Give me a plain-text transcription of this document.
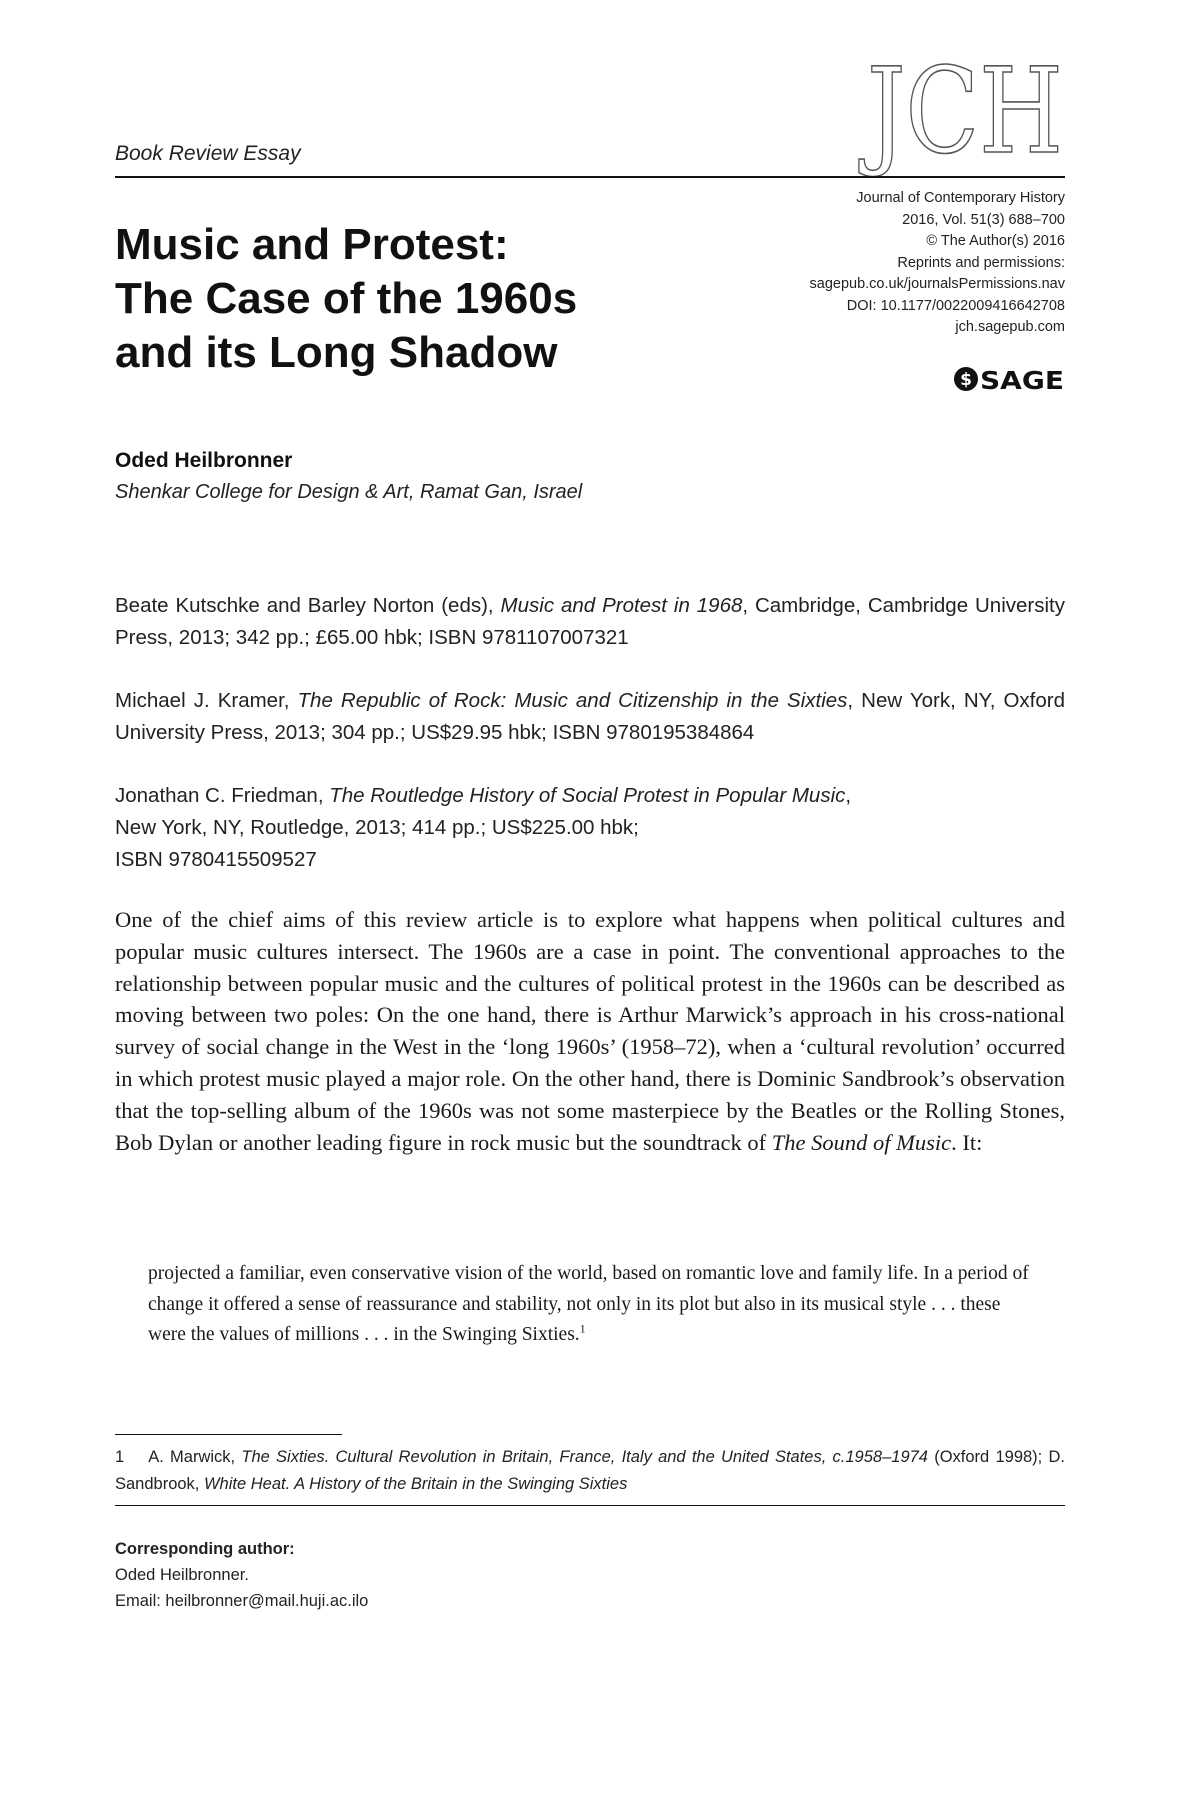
JCH
Book Review Essay
Journal of Contemporary History
2016, Vol. 51(3) 688–700
© The Author(s) 2016
Reprints and permissions:
sagepub.co.uk/journalsPermissions.nav
DOI: 10.1177/0022009416642708
jch.sagepub.com
$ SAGE
Music and Protest:
The Case of the 1960s
and its Long Shadow
Oded Heilbronner
Shenkar College for Design & Art, Ramat Gan, Israel
Beate Kutschke and Barley Norton (eds), Music and Protest in 1968, Cambridge, Cambridge University Press, 2013; 342 pp.; £65.00 hbk; ISBN 9781107007321
Michael J. Kramer, The Republic of Rock: Music and Citizenship in the Sixties, New York, NY, Oxford University Press, 2013; 304 pp.; US$29.95 hbk; ISBN 9780195384864
Jonathan C. Friedman, The Routledge History of Social Protest in Popular Music,
New York, NY, Routledge, 2013; 414 pp.; US$225.00 hbk;
ISBN 9780415509527
One of the chief aims of this review article is to explore what happens when political cultures and popular music cultures intersect. The 1960s are a case in point. The conventional approaches to the relationship between popular music and the cultures of political protest in the 1960s can be described as moving between two poles: On the one hand, there is Arthur Marwick’s approach in his cross-national survey of social change in the West in the ‘long 1960s’ (1958–72), when a ‘cultural revolution’ occurred in which protest music played a major role. On the other hand, there is Dominic Sandbrook’s observation that the top-selling album of the 1960s was not some masterpiece by the Beatles or the Rolling Stones, Bob Dylan or another leading figure in rock music but the soundtrack of The Sound of Music. It:
projected a familiar, even conservative vision of the world, based on romantic love and family life. In a period of change it offered a sense of reassurance and stability, not only in its plot but also in its musical style . . . these were the values of millions . . . in the Swinging Sixties.$^1$
1 A. Marwick, The Sixties. Cultural Revolution in Britain, France, Italy and the United States, c.1958–1974 (Oxford 1998); D. Sandbrook, White Heat. A History of the Britain in the Swinging Sixties
Corresponding author:
Oded Heilbronner.
Email: heilbronner@mail.huji.ac.ilo
